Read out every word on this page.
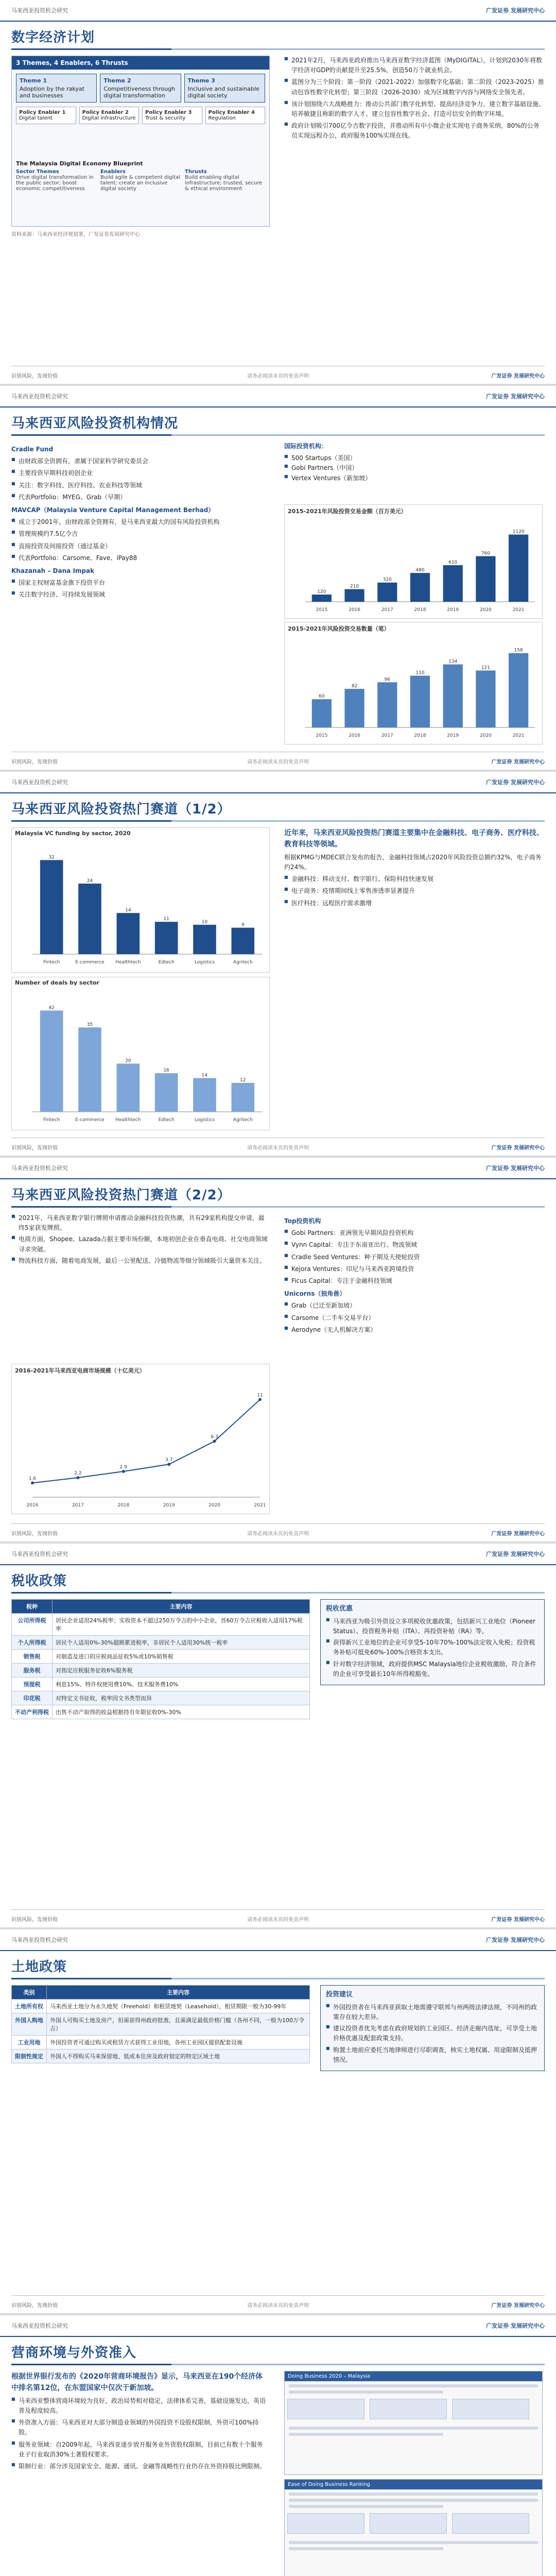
马来西亚投资机会研究	广发证券 发展研究中心
数字经济计划
3 Themes, 4 Enablers, 6 Thrusts
Theme 1
Adoption by the rakyat and businesses
Theme 2
Competitiveness through digital transformation
Theme 3
Inclusive and sustainable digital society
Policy Enabler 1
Digital talent
Policy Enabler 2
Digital infrastructure
Policy Enabler 3
Trust & security
Policy Enabler 4
Regulation
The Malaysia Digital Economy Blueprint
Sector Themes
Drive digital transformation in the public sector; boost economic competitiveness
Enablers
Build agile & competent digital talent; create an inclusive digital society
Thrusts
Build enabling digital infrastructure; trusted, secure & ethical environment
资料来源：马来西亚经济规划署，广发证券发展研究中心

■ 2021年2月，马来西亚政府推出马来西亚数字经济蓝图（MyDIGITAL），计划到2030年将数字经济对GDP的贡献提升至25.5%，创造50万个就业机会。

■ 蓝图分为三个阶段：第一阶段（2021-2022）加强数字化基础；第二阶段（2023-2025）推动包容性数字化转型；第三阶段（2026-2030）成为区域数字内容与网络安全领先者。

■ 该计划围绕六大战略推力：推动公共部门数字化转型、提高经济竞争力、建立数字基础设施、培养敏捷且称职的数字人才、建立包容性数字社会、打造可信安全的数字环境。

■ 政府计划吸引700亿令吉数字投资，并推动所有中小微企业实现电子商务采纳，80%的公务员实现远程办公，政府服务100%实现在线。

识别风险，发现价值	请务必阅读末页的免责声明	广发证券 发展研究中心
马来西亚投资机会研究	广发证券 发展研究中心
马来西亚风险投资机构情况

Cradle Fund

■ 由财政部全资拥有，隶属于国家科学研究委员会

■ 主要投资早期科技初创企业

■ 关注：数字科技、医疗科技、农业科技等领域

■ 代表Portfolio：MYEG、Grab（早期）

MAVCAP（Malaysia Venture Capital Management Berhad）

■ 成立于2001年，由财政部全资拥有，是马来西亚最大的国有风险投资机构

■ 管理规模约7.5亿令吉

■ 直接投资及间接投资（通过基金）

■ 代表Portfolio：Carsome、Fave、iPay88

Khazanah – Dana Impak

■ 国家主权财富基金旗下投资平台

■ 关注数字经济、可持续发展领域

国际投资机构：

■ 500 Startups（美国）

■ Gobi Partners（中国）

■ Vertex Ventures（新加坡）

2015-2021年风险投资交易金额（百万美元）
120
2015
210
2016
320
2017
480
2018
610
2019
760
2020
1120
2021
2015-2021年风险投资交易数量（笔）
60
2015
82
2016
96
2017
110
2018
134
2019
121
2020
158
2021
识别风险，发现价值	请务必阅读末页的免责声明	广发证券 发展研究中心
马来西亚投资机会研究	广发证券 发展研究中心
马来西亚风险投资热门赛道（1/2）
Malaysia VC funding by sector, 2020
32
Fintech
24
E-commerce
14
Healthtech
11
Edtech
10
Logistics
9
Agritech
Number of deals by sector
42
Fintech
35
E-commerce
20
Healthtech
16
Edtech
14
Logistics
12
Agritech

近年来，马来西亚风险投资热门赛道主要集中在金融科技、电子商务、医疗科技、教育科技等领域。

根据KPMG与MDEC联合发布的报告，金融科技领域占2020年风险投资总额约32%，电子商务约24%。

■ 金融科技：移动支付、数字银行、保险科技快速发展

■ 电子商务：疫情期间线上零售渗透率显著提升

■ 医疗科技：远程医疗需求激增

识别风险，发现价值	请务必阅读末页的免责声明	广发证券 发展研究中心
马来西亚投资机会研究	广发证券 发展研究中心
马来西亚风险投资热门赛道（2/2）

■ 2021年，马来西亚数字银行牌照申请推动金融科技投资热潮，共有29家机构提交申请，最终5家获发牌照。

■ 电商方面，Shopee、Lazada占据主要市场份额，本地初创企业在垂直电商、社交电商领域寻求突破。

■ 物流科技方面，随着电商发展，最后一公里配送、冷链物流等细分领域吸引大量资本关注。

2016-2021年马来西亚电商市场规模（十亿美元）
1.6
2016
2.2
2017
2.9
2018
3.7
2019
6.3
2020
11
2021

Top投资机构

■ Gobi Partners：亚洲领先早期风险投资机构

■ Vynn Capital：专注于东南亚出行、物流领域

■ Cradle Seed Ventures：种子期及天使轮投资

■ Kejora Ventures：印尼与马来西亚跨境投资

■ Ficus Capital：专注于金融科技领域

Unicorns（独角兽）

■ Grab（已迁至新加坡）

■ Carsome（二手车交易平台）

■ Aerodyne（无人机解决方案）

识别风险，发现价值	请务必阅读末页的免责声明	广发证券 发展研究中心
马来西亚投资机会研究	广发证券 发展研究中心
税收政策
税种	主要内容
公司所得税	居民企业适用24%税率；实收资本不超过250万令吉的中小企业，首60万令吉应税收入适用17%税率
个人所得税	居民个人适用0%-30%超额累进税率，非居民个人适用30%统一税率
销售税	对制造及进口的应税商品征收5%或10%销售税
服务税	对指定应税服务征收6%服务税
预提税	利息15%、特许权使用费10%、技术服务费10%
印花税	对特定文书征收，税率因文书类型而异
不动产利得税	出售不动产取得的收益根据持有年限征收0%-30%
税收优惠

■ 马来西亚为吸引外资设立多项税收优惠政策，包括新兴工业地位（Pioneer Status）、投资税务补贴（ITA）、再投资补贴（RA）等。

■ 获得新兴工业地位的企业可享受5-10年70%-100%法定收入免税；投资税务补贴可抵免60%-100%合格资本支出。

■ 针对数字经济领域，政府提供MSC Malaysia地位企业税收激励，符合条件的企业可享受最长10年所得税豁免。

识别风险，发现价值	请务必阅读末页的免责声明	广发证券 发展研究中心
马来西亚投资机会研究	广发证券 发展研究中心
土地政策
类别	主要内容
土地所有权	马来西亚土地分为永久地契（Freehold）和租赁地契（Leasehold），租赁期限一般为30-99年
外国人购地	外国人可购买土地及房产，但需获得州政府批准，且需满足最低价格门槛（各州不同，一般为100万令吉）
工业用地	外国投资者可通过购买或租赁方式获得工业用地，各州工业园区提供配套设施
限制性规定	外国人不得购买马来保留地、低成本住房及政府划定的特定区域土地
投资建议

■ 外国投资者在马来西亚获取土地需遵守联邦与州两级法律法规，不同州的政策存在较大差异。

■ 建议投资者优先考虑在政府规划的工业园区、经济走廊内选址，可享受土地价格优惠及配套政策支持。

■ 购置土地前应委托当地律师进行尽职调查，核实土地权属、用途限制及抵押情况。

识别风险，发现价值	请务必阅读末页的免责声明	广发证券 发展研究中心
马来西亚投资机会研究	广发证券 发展研究中心
营商环境与外资准入

根据世界银行发布的《2020年营商环境报告》显示，马来西亚在190个经济体中排名第12位，在东盟国家中仅次于新加坡。

■ 马来西亚整体营商环境较为良好，政治局势相对稳定，法律体系完善，基础设施发达，英语普及程度较高。

■ 外资准入方面：马来西亚对大部分制造业领域的外国投资不设股权限制，外资可100%持股。

■ 服务业领域：自2009年起，马来西亚逐步放开服务业外资股权限制，目前已有数十个服务业子行业取消30%土著股权要求。

■ 限制行业：部分涉及国家安全、能源、通讯、金融等战略性行业仍存在外资持股比例限制。

Doing Business 2020 – Malaysia
Ease of Doing Business Ranking
